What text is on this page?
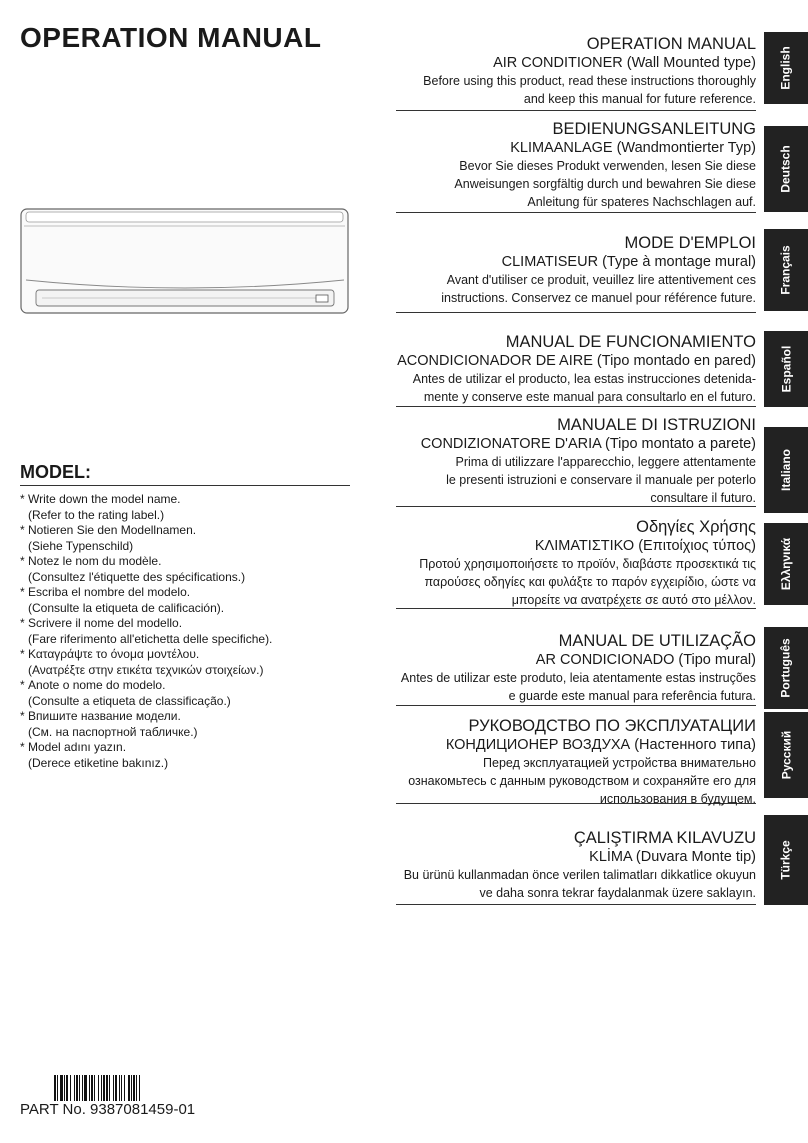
OPERATION MANUAL	OPERATION MANUAL
AIR CONDITIONER (Wall Mounted type)
Before using this product, read these instructions thoroughly
and keep this manual for future reference.
English
BEDIENUNGSANLEITUNG
KLIMAANLAGE (Wandmontierter Typ)
Bevor Sie dieses Produkt verwenden, lesen Sie diese
Anweisungen sorgfältig durch und bewahren Sie diese
Anleitung für spateres Nachschlagen auf.
Deutsch
MODE D'EMPLOI
CLIMATISEUR (Type à montage mural)
Avant d'utiliser ce produit, veuillez lire attentivement ces
instructions. Conservez ce manuel pour référence future.
Français
MANUAL DE FUNCIONAMIENTO
ACONDICIONADOR DE AIRE (Tipo montado en pared)
Antes de utilizar el producto, lea estas instrucciones detenida-
mente y conserve este manual para consultarlo en el futuro.
Español
MANUALE DI ISTRUZIONI
CONDIZIONATORE D'ARIA (Tipo montato a parete)
Prima di utilizzare l'apparecchio, leggere attentamente
le presenti istruzioni e conservare il manuale per poterlo
consultare il futuro.
Italiano
Οδηγίες Χρήσης
ΚΛΙΜΑΤΙΣΤΙΚΟ (Επιτοίχιος τύπος)
Προτού χρησιμοποιήσετε το προϊόν, διαβάστε προσεκτικά τις
παρούσες οδηγίες και φυλάξτε το παρόν εγχειρίδιο, ώστε να
μπορείτε να ανατρέχετε σε αυτό στο μέλλον.
Ελληνικά
MANUAL DE UTILIZAÇÃO
AR CONDICIONADO (Tipo mural)
Antes de utilizar este produto, leia atentamente estas instruções
e guarde este manual para referência futura. Português
РУКОВОДСТВО ПО ЭКСПЛУАТАЦИИ
КОНДИЦИОНЕР ВОЗДУХА (Настенного типа)
Перед эксплуатацией устройства внимательно
ознакомьтесь с данным руководством и сохраняйте его для
использования в будущем.
Русский
ÇALIŞTIRMA KILAVUZU
KLİMA (Duvara Monte tip)
Bu ürünü kullanmadan önce verilen talimatları dikkatlice okuyun
ve daha sonra tekrar faydalanmak üzere saklayın.
Türkçe
MODEL:
* Write down the model name.
(Refer to the rating label.)
* Notieren Sie den Modellnamen.
(Siehe Typenschild)
* Notez le nom du modèle.
(Consultez l'étiquette des spécifications.)
* Escriba el nombre del modelo.
(Consulte la etiqueta de calificación).
* Scrivere il nome del modello.
(Fare riferimento all'etichetta delle specifiche).
* Καταγράψτε το όνομα μοντέλου.
(Ανατρέξτε στην ετικέτα τεχνικών στοιχείων.)
* Anote o nome do modelo.
(Consulte a etiqueta de classificação.)
* Впишите название модели.
(См. на паспортной табличке.)
* Model adını yazın.
(Derece etiketine bakınız.)
PART No. 9387081459-01
